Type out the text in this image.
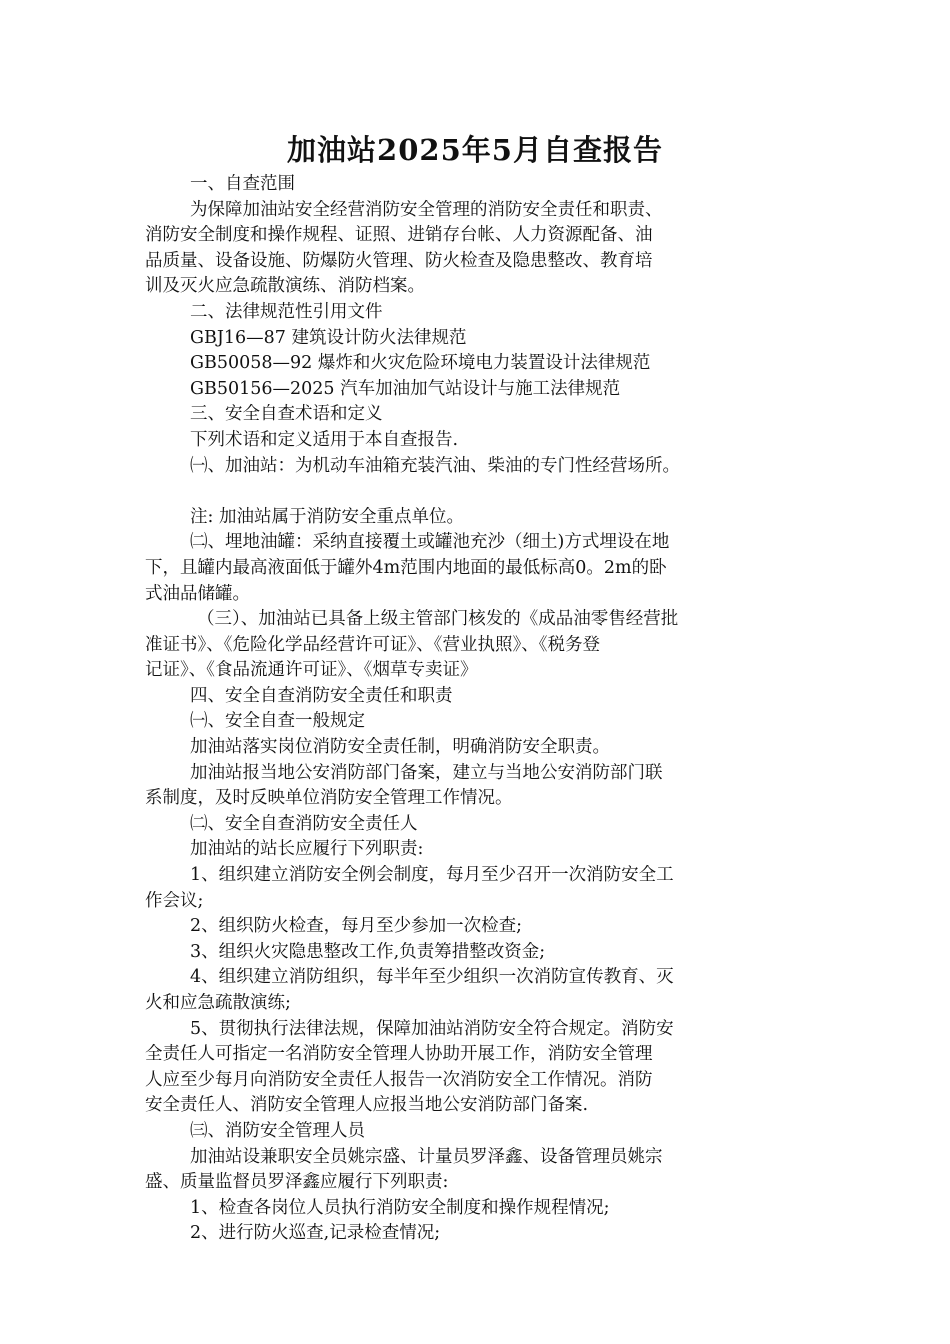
加油站2025年5月自查报告

一、自查范围

为保障加油站安全经营消防安全管理的消防安全责任和职责、

消防安全制度和操作规程、证照、进销存台帐、人力资源配备、油

品质量、设备设施、防爆防火管理、防火检查及隐患整改、教育培

训及灭火应急疏散演练、消防档案。

二、法律规范性引用文件

GBJ16—87 建筑设计防火法律规范

GB50058—92 爆炸和火灾危险环境电力装置设计法律规范

GB50156—2025 汽车加油加气站设计与施工法律规范

三、安全自查术语和定义

下列术语和定义适用于本自查报告.

㈠、加油站：为机动车油箱充装汽油、柴油的专门性经营场所。

注: 加油站属于消防安全重点单位。

㈡、埋地油罐：采纳直接覆土或罐池充沙（细土)方式埋设在地

下，且罐内最高液面低于罐外4m范围内地面的最低标高0。2m的卧

式油品储罐。

（三）、加油站已具备上级主管部门核发的《成品油零售经营批

准证书》、《危险化学品经营许可证》、《营业执照》、《税务登

记证》、《食品流通许可证》、《烟草专卖证》

四、安全自查消防安全责任和职责

㈠、安全自查一般规定

加油站落实岗位消防安全责任制，明确消防安全职责。

加油站报当地公安消防部门备案，建立与当地公安消防部门联

系制度，及时反映单位消防安全管理工作情况。

㈡、安全自查消防安全责任人

加油站的站长应履行下列职责:

1、组织建立消防安全例会制度，每月至少召开一次消防安全工

作会议;

2、组织防火检查，每月至少参加一次检查;

3、组织火灾隐患整改工作,负责筹措整改资金;

4、组织建立消防组织，每半年至少组织一次消防宣传教育、灭

火和应急疏散演练;

5、贯彻执行法律法规，保障加油站消防安全符合规定。消防安

全责任人可指定一名消防安全管理人协助开展工作，消防安全管理

人应至少每月向消防安全责任人报告一次消防安全工作情况。消防

安全责任人、消防安全管理人应报当地公安消防部门备案.

㈢、消防安全管理人员

加油站设兼职安全员姚宗盛、计量员罗泽鑫、设备管理员姚宗

盛、质量监督员罗泽鑫应履行下列职责:

1、检查各岗位人员执行消防安全制度和操作规程情况;

2、进行防火巡查,记录检查情况;
